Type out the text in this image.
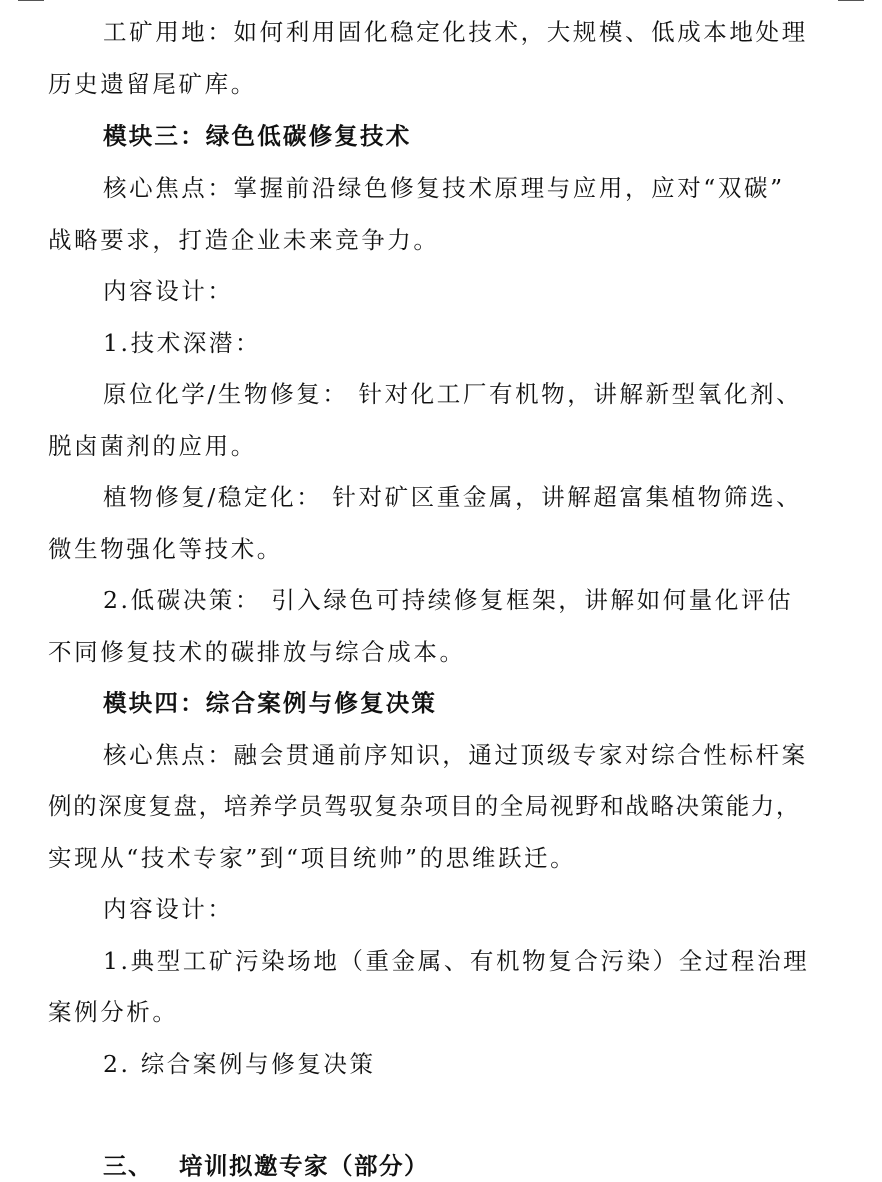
工矿用地：如何利用固化稳定化技术，大规模、低成本地处理

历史遗留尾矿库。

模块三：绿色低碳修复技术

核心焦点：掌握前沿绿色修复技术原理与应用，应对“双碳”

战略要求，打造企业未来竞争力。

内容设计：

1.技术深潜：

原位化学/生物修复： 针对化工厂有机物，讲解新型氧化剂、

脱卤菌剂的应用。

植物修复/稳定化： 针对矿区重金属，讲解超富集植物筛选、

微生物强化等技术。

2.低碳决策： 引入绿色可持续修复框架，讲解如何量化评估

不同修复技术的碳排放与综合成本。

模块四：综合案例与修复决策

核心焦点：融会贯通前序知识，通过顶级专家对综合性标杆案

例的深度复盘，培养学员驾驭复杂项目的全局视野和战略决策能力，

实现从“技术专家”到“项目统帅”的思维跃迁。

内容设计：

1.典型工矿污染场地（重金属、有机物复合污染）全过程治理

案例分析。

2. 综合案例与修复决策

三、 培训拟邀专家（部分）
